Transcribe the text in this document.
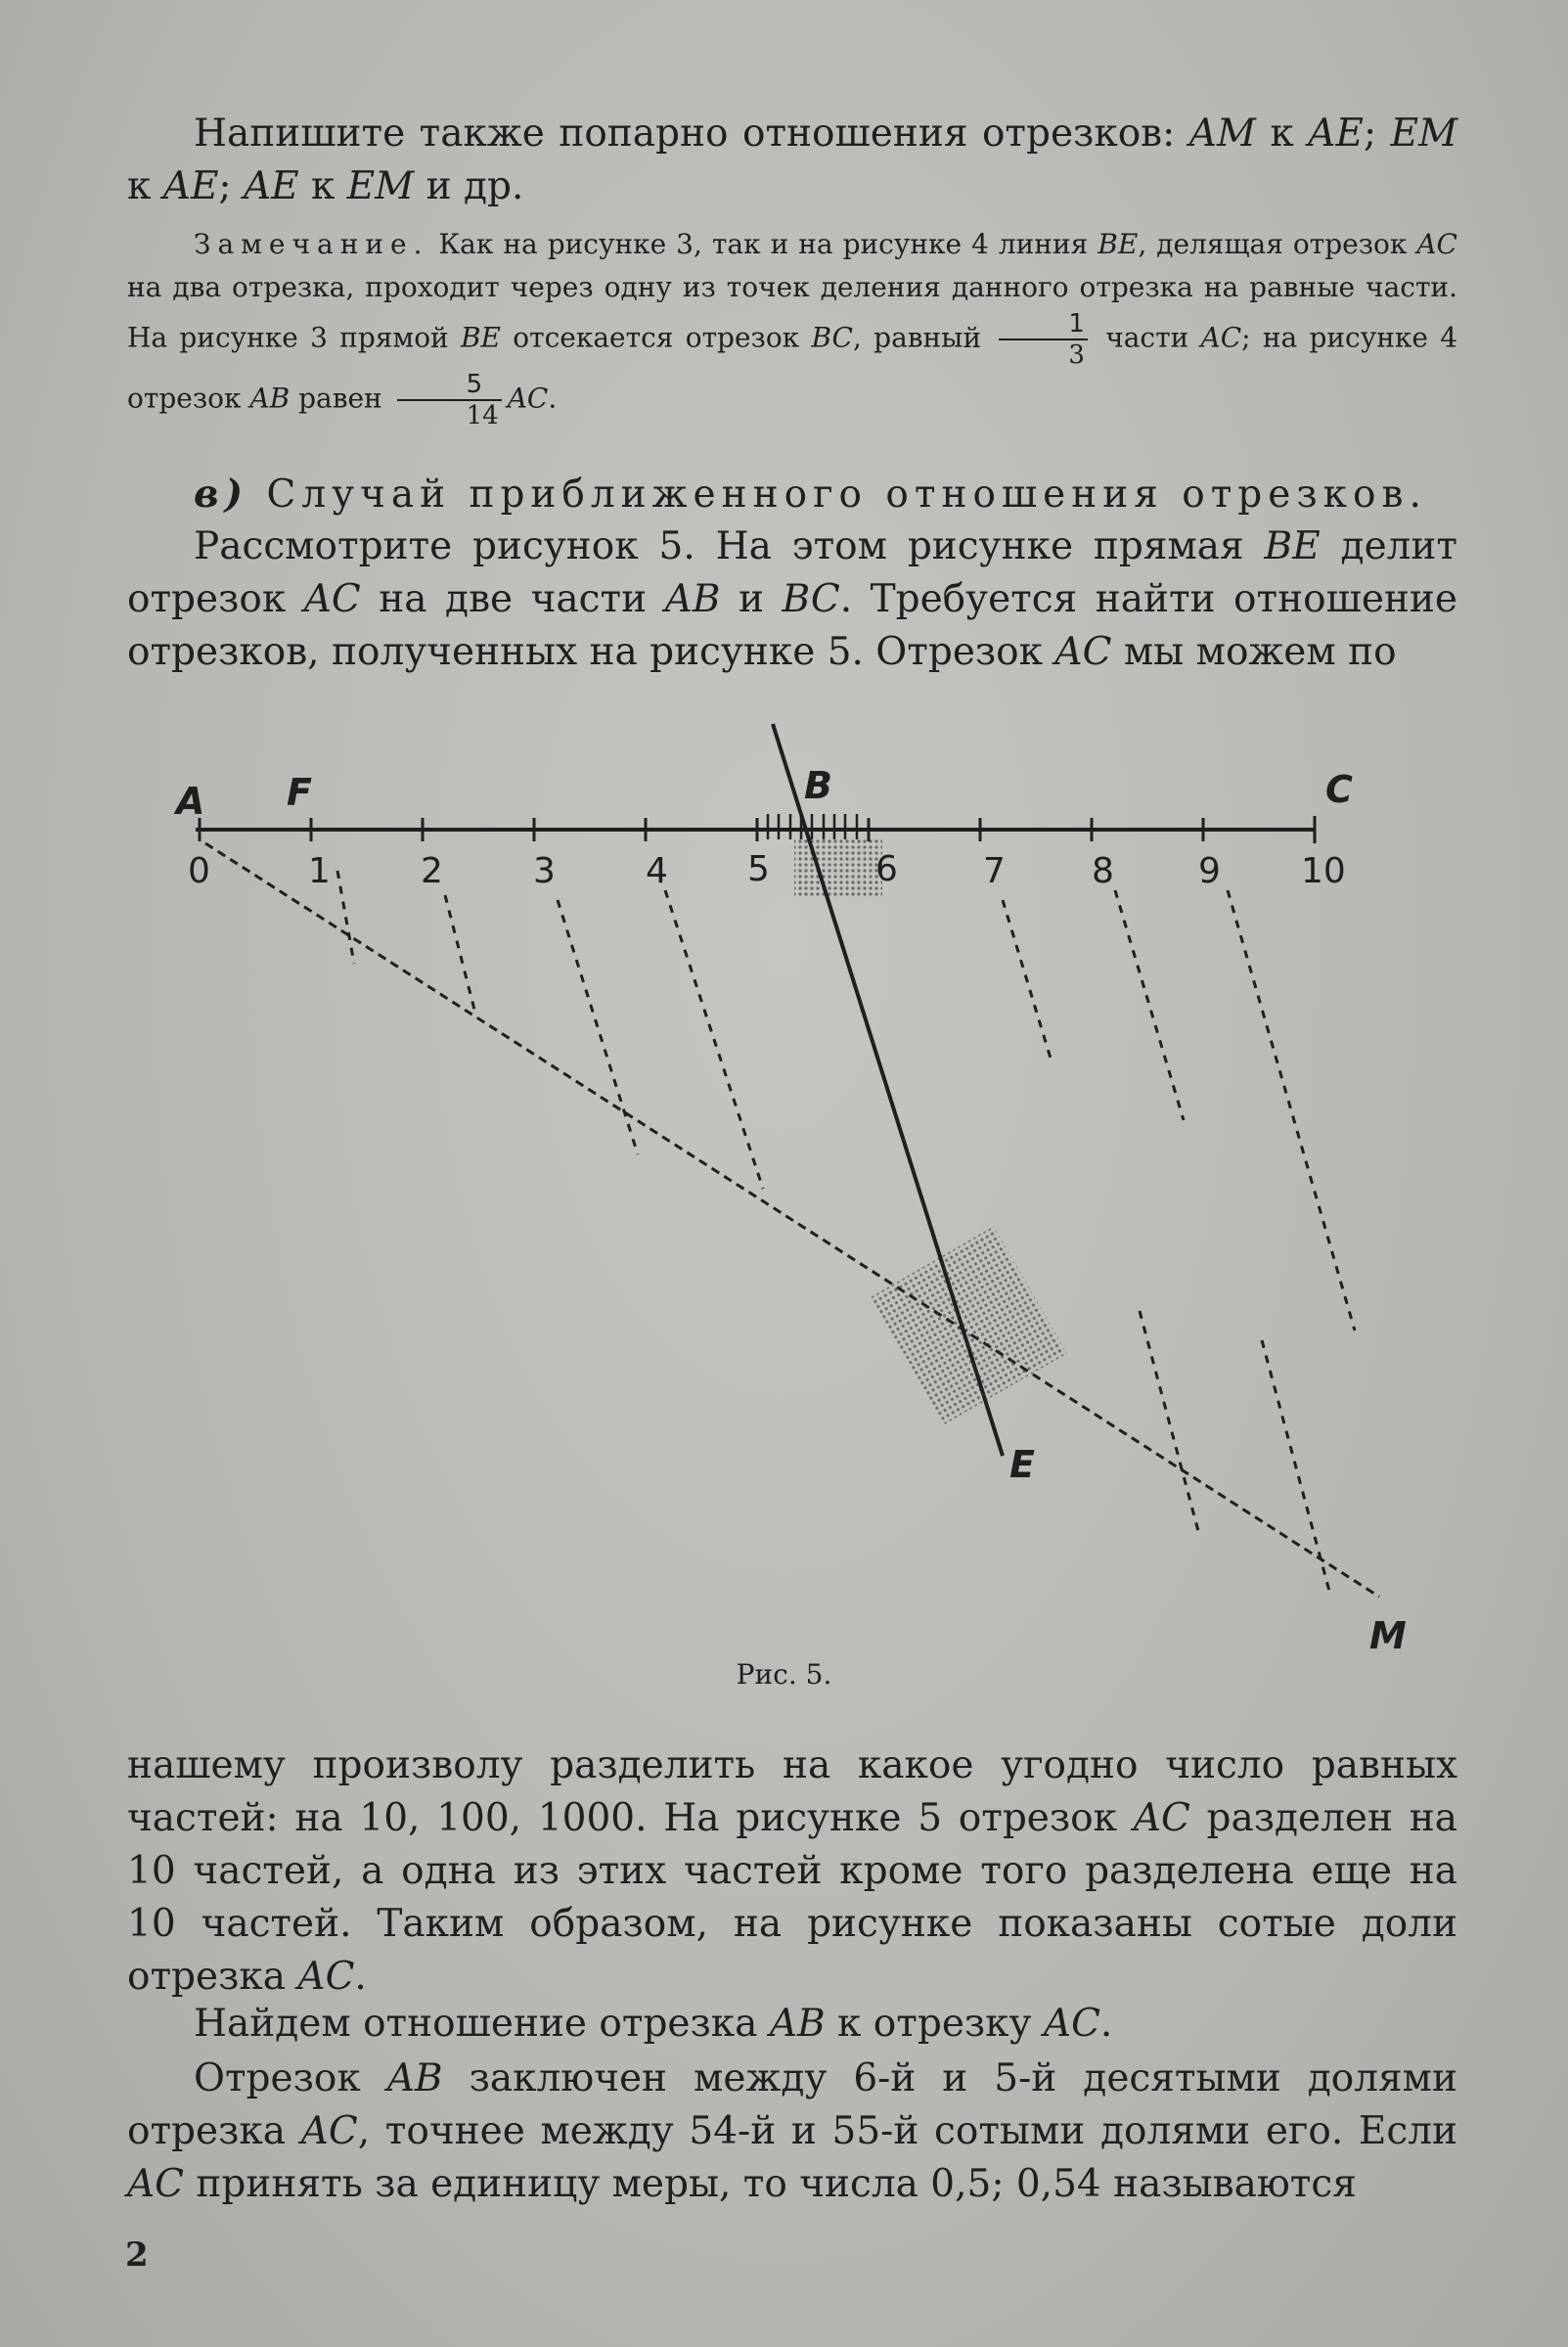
Напишите также попарно отношения отрезков: AM к AE; EM к AE; AE к EM и др.

Замечание. Как на рисунке 3, так и на рисунке 4 линия BE, делящая отрезок AC на два отрезка, проходит через одну из точек деления данного отрезка на равные части. На рисунке 3 прямой BE отсекается отрезок BC, равный $\frac{1}{3}$ части AC; на рисунке 4 отрезок AB равен $\frac{5}{14}$ AC.

в) Случай приближенного отношения отрезков.

Рассмотрите рисунок 5. На этом рисунке прямая BE делит отрезок AC на две части AB и BC. Требуется найти отношение отрезков, полученных на рисунке 5. Отрезок AC мы можем по

A F	B	C
E
M
0	1	2	3	4 5	6 7 8 9 10
Рис. 5.

нашему произволу разделить на какое угодно число равных частей: на 10, 100, 1000. На рисунке 5 отрезок AC разделен на 10 частей, а одна из этих частей кроме того разделена еще на 10 частей. Таким образом, на рисунке показаны сотые доли отрезка AC.

Найдем отношение отрезка AB к отрезку AC.

Отрезок AB заключен между 6-й и 5-й десятыми долями отрезка AC, точнее между 54-й и 55-й сотыми долями его. Если AC принять за единицу меры, то числа 0,5; 0,54 называются

2
